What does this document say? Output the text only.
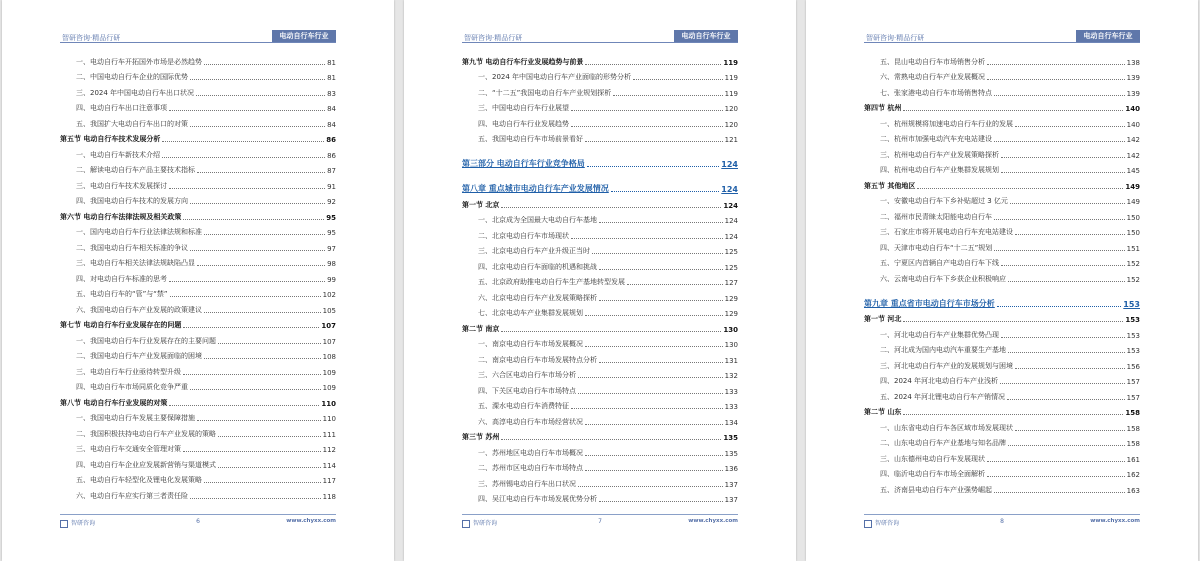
智研咨询·精品行研	电动自行车行业
一、电动自行车开拓国外市场是必然趋势	81
二、中国电动自行车企业的国际优势	81
三、2024 年中国电动自行车出口状况	83
四、电动自行车出口注意事项	84
五、我国扩大电动自行车出口的对策	84
第五节 电动自行车技术发展分析	86
一、电动自行车新技术介绍	86
二、解读电动自行车产品主要技术指标	87
三、电动自行车技术发展探讨	91
四、我国电动自行车技术的发展方向	92
第六节 电动自行车法律法规及相关政策	95
一、国内电动自行车行业法律法规和标准	95
二、我国电动自行车相关标准的争议	97
三、电动自行车相关法律法规缺陷凸显	98
四、对电动自行车标准的思考	99
五、电动自行车的“管”与“禁”	102
六、我国电动自行车产业发展的政策建议	105
第七节 电动自行车行业发展存在的问题	107
一、我国电动自行车行业发展存在的主要问题	107
二、我国电动自行车产业发展面临的困境	108
三、电动自行车行业亟待转型升级	109
四、电动自行车市场同质化竞争严重	109
第八节 电动自行车行业发展的对策	110
一、我国电动自行车发展主要保障措施	110
二、我国积极扶持电动自行车产业发展的策略	111
三、电动自行车交通安全管理对策	112
四、电动自行车企业应发展新营销与渠道模式	114
五、电动自行车轻型化及锂电化发展策略	117
六、电动自行车应实行第三者责任险	118
智研咨询	6	www.chyxx.com
智研咨询·精品行研	电动自行车行业
第九节 电动自行车行业发展趋势与前景	119
一、2024 年中国电动自行车产业面临的形势分析	119
二、“十二五”我国电动自行车产业规划探析	119
三、中国电动自行车行业展望	120
四、电动自行车行业发展趋势	120
五、我国电动自行车市场前景看好	121
第三部分 电动自行车行业竞争格局	124
第八章 重点城市电动自行车产业发展情况	124
第一节 北京	124
一、北京成为全国最大电动自行车基地	124
二、北京电动自行车市场现状	124
三、北京电动自行车产业升级正当时	125
四、北京电动自行车面临的机遇和挑战	125
五、北京政府助推电动自行车生产基地转型发展	127
六、北京电动自行车产业发展策略探析	129
七、北京电动车产业集群发展规划	129
第二节 南京	130
一、南京电动自行车市场发展概况	130
二、南京电动自行车市场发展特点分析	131
三、六合区电动自行车市场分析	132
四、下关区电动自行车市场特点	133
五、溧水电动自行车消费特征	133
六、高淳电动自行车市场经营状况	134
第三节 苏州	135
一、苏州地区电动自行车市场概况	135
二、苏州市区电动自行车市场特点	136
三、苏州锡电动自行车出口状况	137
四、吴江电动自行车市场发展优势分析	137
智研咨询	7	www.chyxx.com
智研咨询·精品行研	电动自行车行业
五、昆山电动自行车市场销售分析	138
六、常熟电动自行车产业发展概况	139
七、张家港电动自行车市场销售特点	139
第四节 杭州	140
一、杭州规模将加速电动自行车行业的发展	140
二、杭州市加强电动汽车充电站建设	142
三、杭州电动自行车产业发展策略探析	142
四、杭州电动自行车产业集群发展规划	145
第五节 其他地区	149
一、安徽电动自行车下乡补贴超过 3 亿元	149
二、福州市民青睐太阳能电动自行车	150
三、石家庄市将开展电动自行车充电站建设	150
四、天津市电动自行车“十二五”规划	151
五、宁夏区内首辆自产电动自行车下线	152
六、云南电动自行车下乡获企业积极响应	152
第九章 重点省市电动自行车市场分析	153
第一节 河北	153
一、河北电动自行车产业集群优势凸现	153
二、河北成为国内电动汽车重要生产基地	153
三、河北电动自行车产业的发展规划与困境	156
四、2024 年河北电动自行车产业浅析	157
五、2024 年河北锂电动自行车产销情况	157
第二节 山东	158
一、山东省电动自行车各区域市场发展现状	158
二、山东电动自行车产业基地与知名品牌	158
三、山东德州电动自行车发展现状	161
四、临沂电动自行车市场全面解析	162
五、济南县电动自行车产业强势崛起	163
智研咨询	8	www.chyxx.com
